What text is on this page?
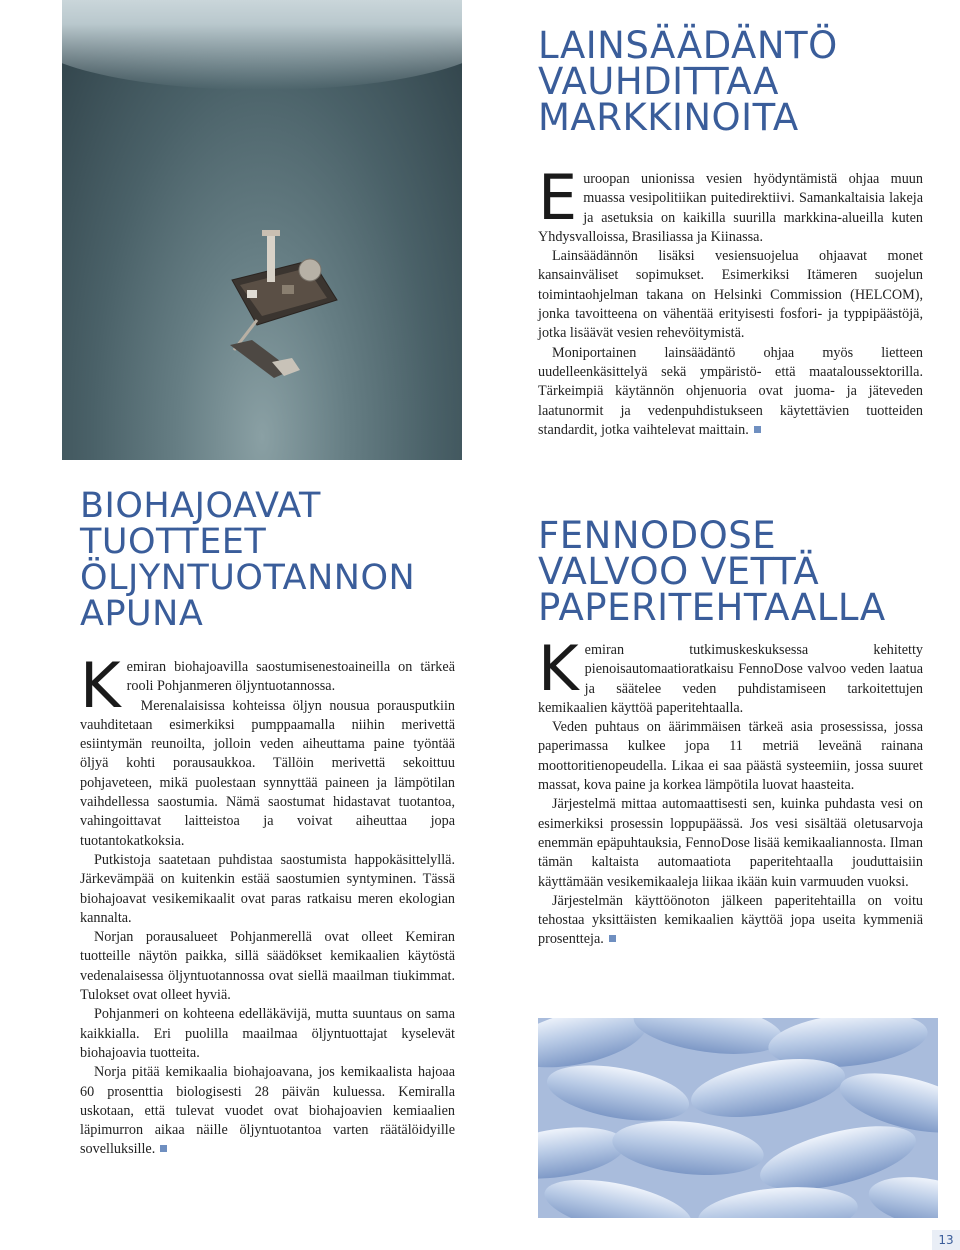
LAINSÄÄDÄNTÖ VAUHDITTAA MARKKINOITA
E uroopan unionissa vesien hyödyntämistä ohjaa muun muassa vesipolitiikan puitedirektiivi. Samankaltaisia lakeja ja asetuksia on kaikilla suurilla markkina-alueilla kuten Yhdysvalloissa, Brasiliassa ja Kiinassa.

Lainsäädännön lisäksi vesiensuojelua ohjaavat monet kansainväliset sopimukset. Esimerkiksi Itämeren suojelun toimintaohjelman takana on Helsinki Commission (HELCOM), jonka tavoitteena on vähentää erityisesti fosfori- ja typpipäästöjä, jotka lisäävät vesien rehevöitymistä.

Moniportainen lainsäädäntö ohjaa myös lietteen uudelleenkäsittelyä sekä ympäristö- että maataloussektorilla. Tärkeimpiä käytännön ohjenuoria ovat juoma- ja jäteveden laatunormit ja vedenpuhdistukseen käytettävien tuotteiden standardit, jotka vaihtelevat maittain.

BIOHAJOAVAT TUOTTEET ÖLJYNTUOTANNON APUNA
K emiran biohajoavilla saostumisenestoaineilla on tärkeä rooli Pohjanmeren öljyntuotannossa.

Merenalaisissa kohteissa öljyn nousua porausputkiin vauhditetaan esimerkiksi pumppaamalla niihin merivettä esiintymän reunoilta, jolloin veden aiheuttama paine työntää öljyä kohti porausaukkoa. Tällöin merivettä sekoittuu pohjaveteen, mikä puolestaan synnyttää paineen ja lämpötilan vaihdellessa saostumia. Nämä saostumat hidastavat tuotantoa, vahingoittavat laitteistoa ja voivat aiheuttaa jopa tuotantokatkoksia.

Putkistoja saatetaan puhdistaa saostumista happokäsittelyllä. Järkevämpää on kuitenkin estää saostumien syntyminen. Tässä biohajoavat vesikemikaalit ovat paras ratkaisu meren ekologian kannalta.

Norjan porausalueet Pohjanmerellä ovat olleet Kemiran tuotteille näytön paikka, sillä säädökset kemikaalien käytöstä vedenalaisessa öljyntuotannossa ovat siellä maailman tiukimmat. Tulokset ovat olleet hyviä.

Pohjanmeri on kohteena edelläkävijä, mutta suuntaus on sama kaikkialla. Eri puolilla maailmaa öljyntuottajat kyselevät biohajoavia tuotteita.

Norja pitää kemikaalia biohajoavana, jos kemikaalista hajoaa 60 prosenttia biologisesti 28 päivän kuluessa. Kemiralla uskotaan, että tulevat vuodet ovat biohajoavien kemiaalien läpimurron aikaa näille öljyntuotantoa varten räätälöidyille sovelluksille.

FENNODOSE VALVOO VETTÄ PAPERITEHTAALLA
K emiran tutkimuskeskuksessa kehitetty pienoisautomaatioratkaisu FennoDose valvoo veden laatua ja säätelee veden puhdistamiseen tarkoitettujen kemikaalien käyttöä paperitehtaalla.

Veden puhtaus on äärimmäisen tärkeä asia prosessissa, jossa paperimassa kulkee jopa 11 metriä leveänä rainana moottoritienopeudella. Likaa ei saa päästä systeemiin, jossa suuret massat, kova paine ja korkea lämpötila luovat haasteita.

Järjestelmä mittaa automaattisesti sen, kuinka puhdasta vesi on esimerkiksi prosessin loppupäässä. Jos vesi sisältää oletusarvoja enemmän epäpuhtauksia, FennoDose lisää kemikaaliannosta. Ilman tämän kaltaista automaatiota paperitehtaalla jouduttaisiin käyttämään vesikemikaaleja liikaa ikään kuin varmuuden vuoksi.

Järjestelmän käyttöönoton jälkeen paperitehtailla on voitu tehostaa yksittäisten kemikaalien käyttöä jopa useita kymmeniä prosentteja.

13
